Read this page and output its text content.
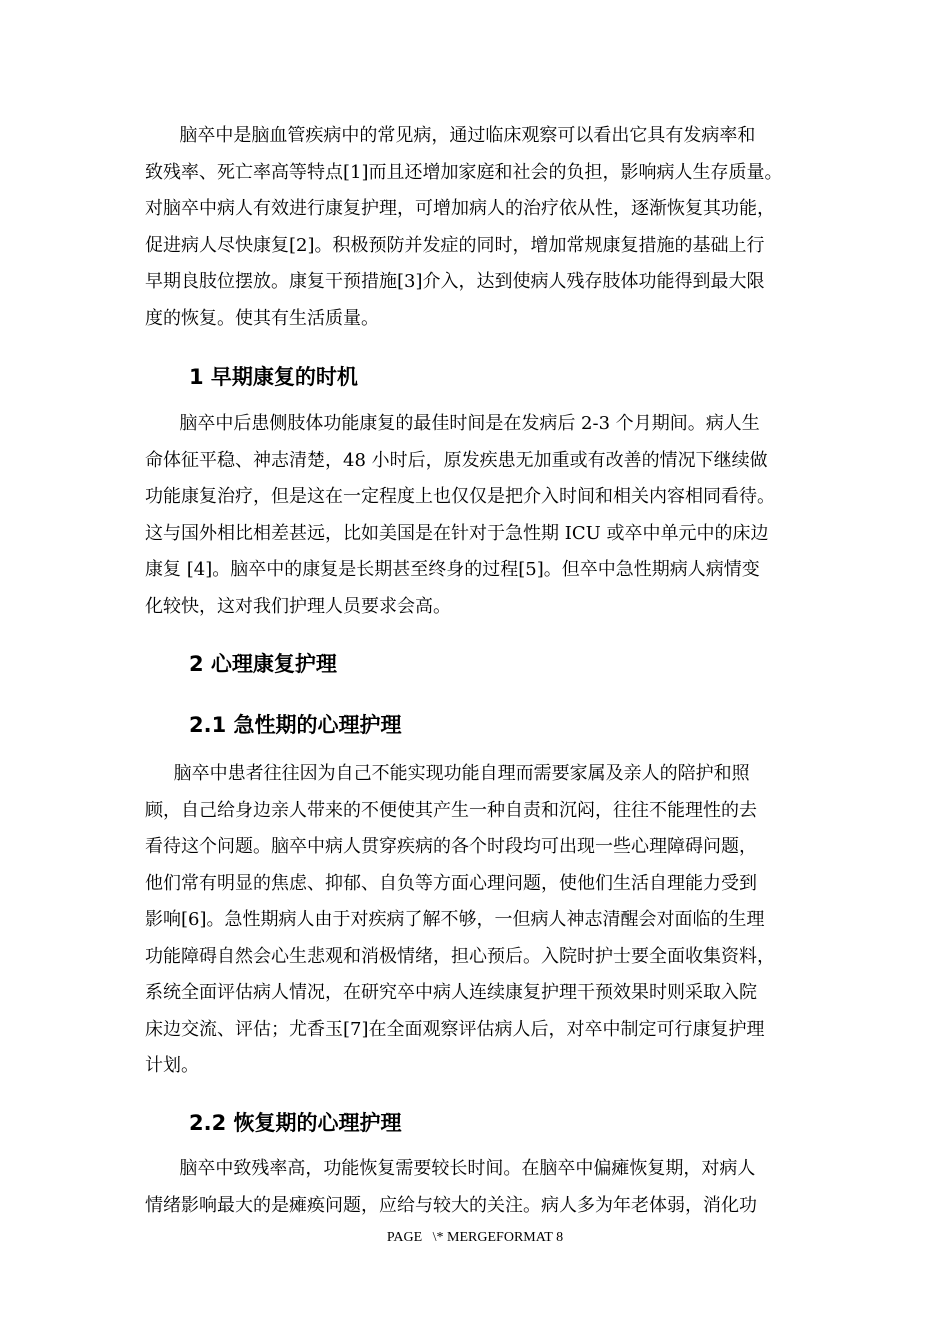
脑卒中是脑血管疾病中的常见病，通过临床观察可以看出它具有发病率和
致残率、死亡率高等特点[1]而且还增加家庭和社会的负担，影响病人生存质量。
对脑卒中病人有效进行康复护理，可增加病人的治疗依从性，逐渐恢复其功能，
促进病人尽快康复[2]。积极预防并发症的同时，增加常规康复措施的基础上行
早期良肢位摆放。康复干预措施[3]介入，达到使病人残存肢体功能得到最大限
度的恢复。使其有生活质量。
1 早期康复的时机
脑卒中后患侧肢体功能康复的最佳时间是在发病后 2-3 个月期间。病人生
命体征平稳、神志清楚，48 小时后，原发疾患无加重或有改善的情况下继续做
功能康复治疗，但是这在一定程度上也仅仅是把介入时间和相关内容相同看待。
这与国外相比相差甚远，比如美国是在针对于急性期 ICU 或卒中单元中的床边
康复 [4]。脑卒中的康复是长期甚至终身的过程[5]。但卒中急性期病人病情变
化较快，这对我们护理人员要求会高。
2 心理康复护理
2.1 急性期的心理护理
脑卒中患者往往因为自己不能实现功能自理而需要家属及亲人的陪护和照
顾，自己给身边亲人带来的不便使其产生一种自责和沉闷，往往不能理性的去
看待这个问题。脑卒中病人贯穿疾病的各个时段均可出现一些心理障碍问题，
他们常有明显的焦虑、抑郁、自负等方面心理问题，使他们生活自理能力受到
影响[6]。急性期病人由于对疾病了解不够，一但病人神志清醒会对面临的生理
功能障碍自然会心生悲观和消极情绪，担心预后。入院时护士要全面收集资料，
系统全面评估病人情况，在研究卒中病人连续康复护理干预效果时则采取入院
床边交流、评估；尤香玉[7]在全面观察评估病人后，对卒中制定可行康复护理
计划。
2.2 恢复期的心理护理
脑卒中致残率高，功能恢复需要较长时间。在脑卒中偏瘫恢复期，对病人
情绪影响最大的是瘫痪问题，应给与较大的关注。病人多为年老体弱，消化功
PAGE   \* MERGEFORMAT 8
